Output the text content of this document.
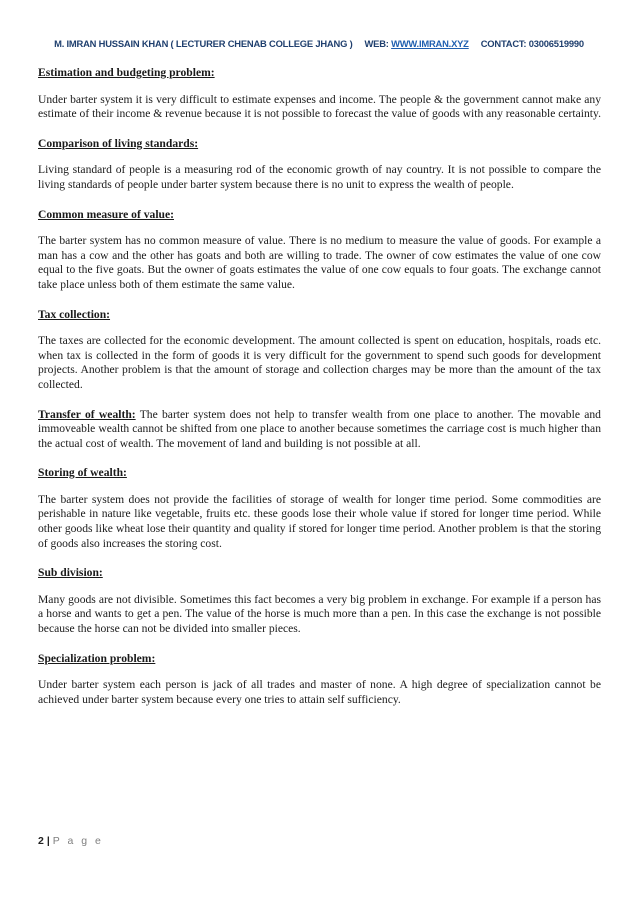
M. IMRAN HUSSAIN KHAN ( LECTURER CHENAB COLLEGE JHANG ) WEB: WWW.IMRAN.XYZ CONTACT: 03006519990

Estimation and budgeting problem:

Under barter system it is very difficult to estimate expenses and income. The people & the government cannot make any estimate of their income & revenue because it is not possible to forecast the value of goods with any reasonable certainty.

Comparison of living standards:

Living standard of people is a measuring rod of the economic growth of nay country. It is not possible to compare the living standards of people under barter system because there is no unit to express the wealth of people.

Common measure of value:

The barter system has no common measure of value. There is no medium to measure the value of goods. For example a man has a cow and the other has goats and both are willing to trade. The owner of cow estimates the value of one cow equal to the five goats. But the owner of goats estimates the value of one cow equals to four goats. The exchange cannot take place unless both of them estimate the same value.

Tax collection:

The taxes are collected for the economic development. The amount collected is spent on education, hospitals, roads etc. when tax is collected in the form of goods it is very difficult for the government to spend such goods for development projects. Another problem is that the amount of storage and collection charges may be more than the amount of the tax collected.

Transfer of wealth: The barter system does not help to transfer wealth from one place to another. The movable and immoveable wealth cannot be shifted from one place to another because sometimes the carriage cost is much higher than the actual cost of wealth. The movement of land and building is not possible at all.

Storing of wealth:

The barter system does not provide the facilities of storage of wealth for longer time period. Some commodities are perishable in nature like vegetable, fruits etc. these goods lose their whole value if stored for longer time period. While other goods like wheat lose their quantity and quality if stored for longer time period. Another problem is that the storing of goods also increases the storing cost.

Sub division:

Many goods are not divisible. Sometimes this fact becomes a very big problem in exchange. For example if a person has a horse and wants to get a pen. The value of the horse is much more than a pen. In this case the exchange is not possible because the horse can not be divided into smaller pieces.

Specialization problem:

Under barter system each person is jack of all trades and master of none. A high degree of specialization cannot be achieved under barter system because every one tries to attain self sufficiency.

2 | P a g e
